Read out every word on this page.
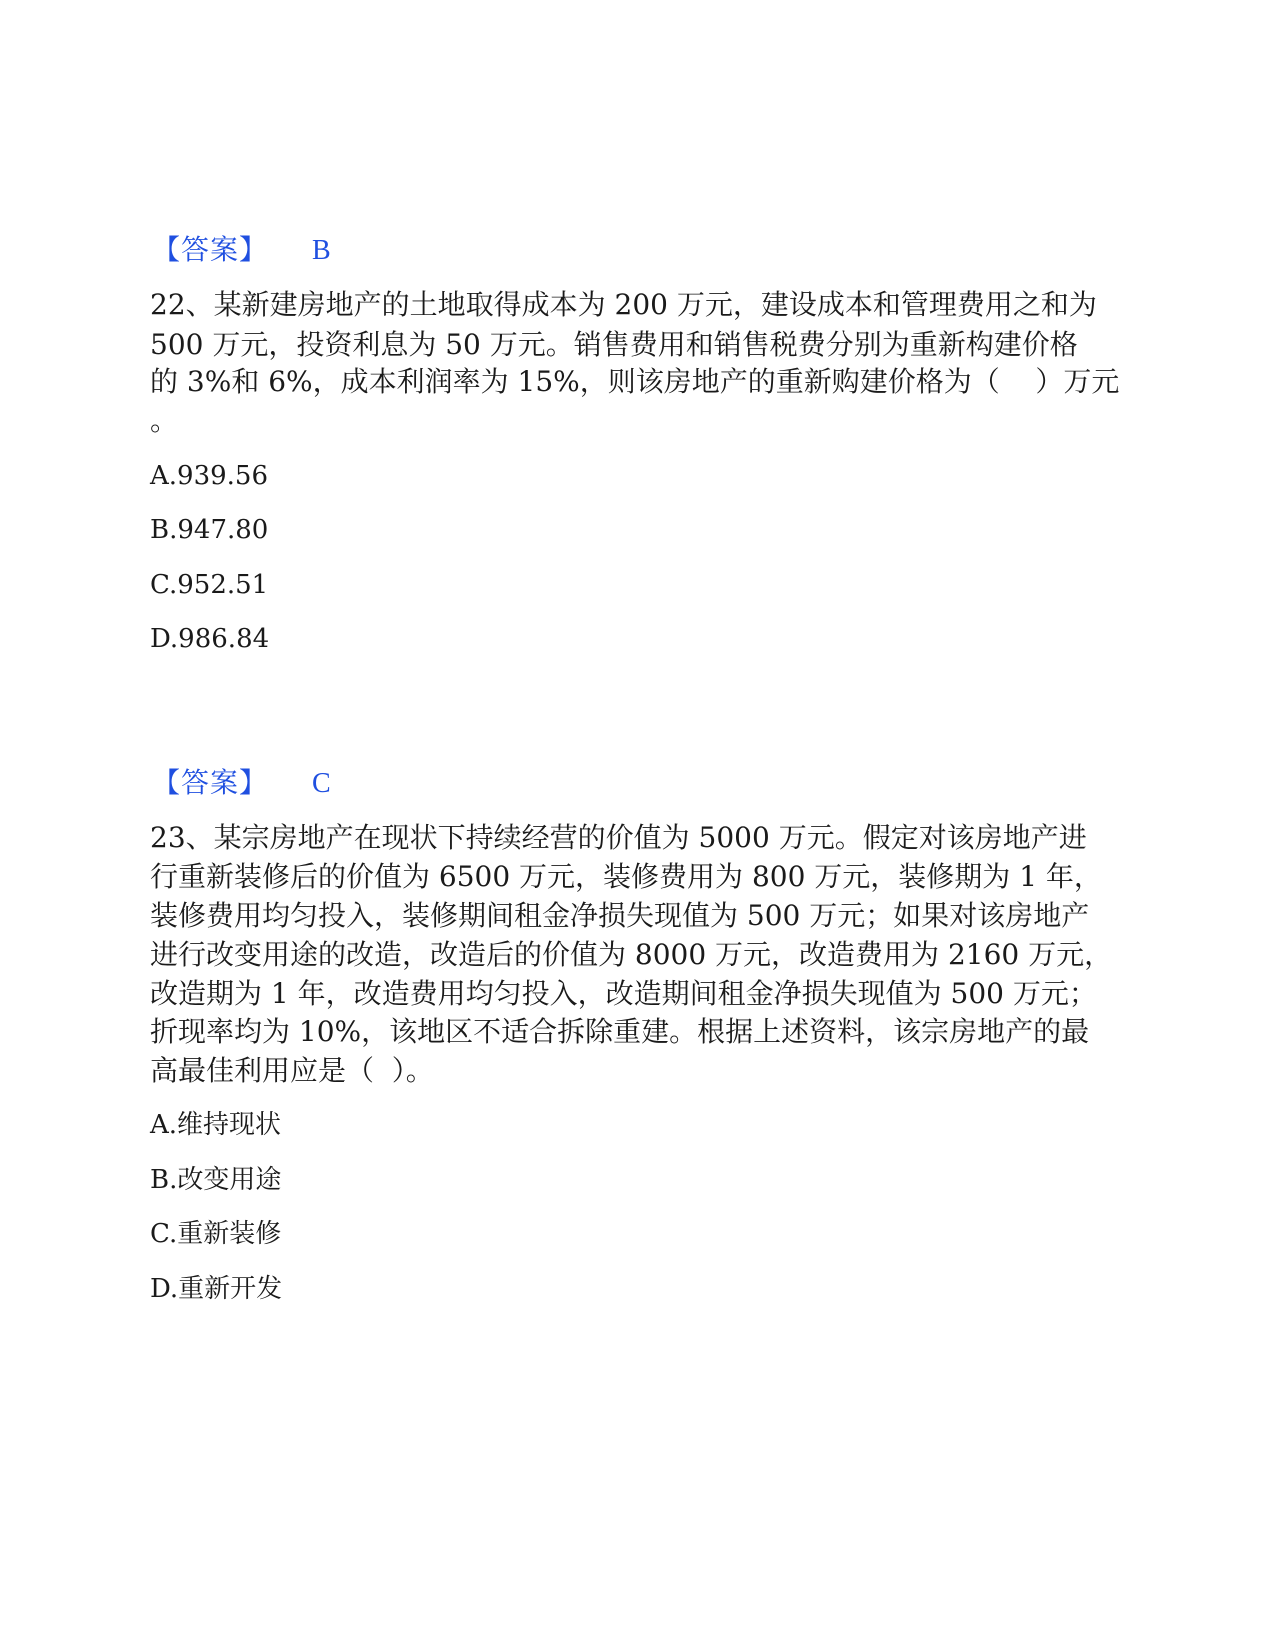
【答案】 B

22、某新建房地产的土地取得成本为 200 万元，建设成本和管理费用之和为

500 万元，投资利息为 50 万元。销售费用和销售税费分别为重新构建价格

的 3%和 6%，成本利润率为 15%，则该房地产的重新购建价格为（    ）万元

。

A.939.56

B.947.80

C.952.51

D.986.84

【答案】 C

23、某宗房地产在现状下持续经营的价值为 5000 万元。假定对该房地产进

行重新装修后的价值为 6500 万元，装修费用为 800 万元，装修期为 1 年，

装修费用均匀投入，装修期间租金净损失现值为 500 万元；如果对该房地产

进行改变用途的改造，改造后的价值为 8000 万元，改造费用为 2160 万元，

改造期为 1 年，改造费用均匀投入，改造期间租金净损失现值为 500 万元；

折现率均为 10%，该地区不适合拆除重建。根据上述资料，该宗房地产的最

高最佳利用应是（  ）。

A.维持现状

B.改变用途

C.重新装修

D.重新开发
